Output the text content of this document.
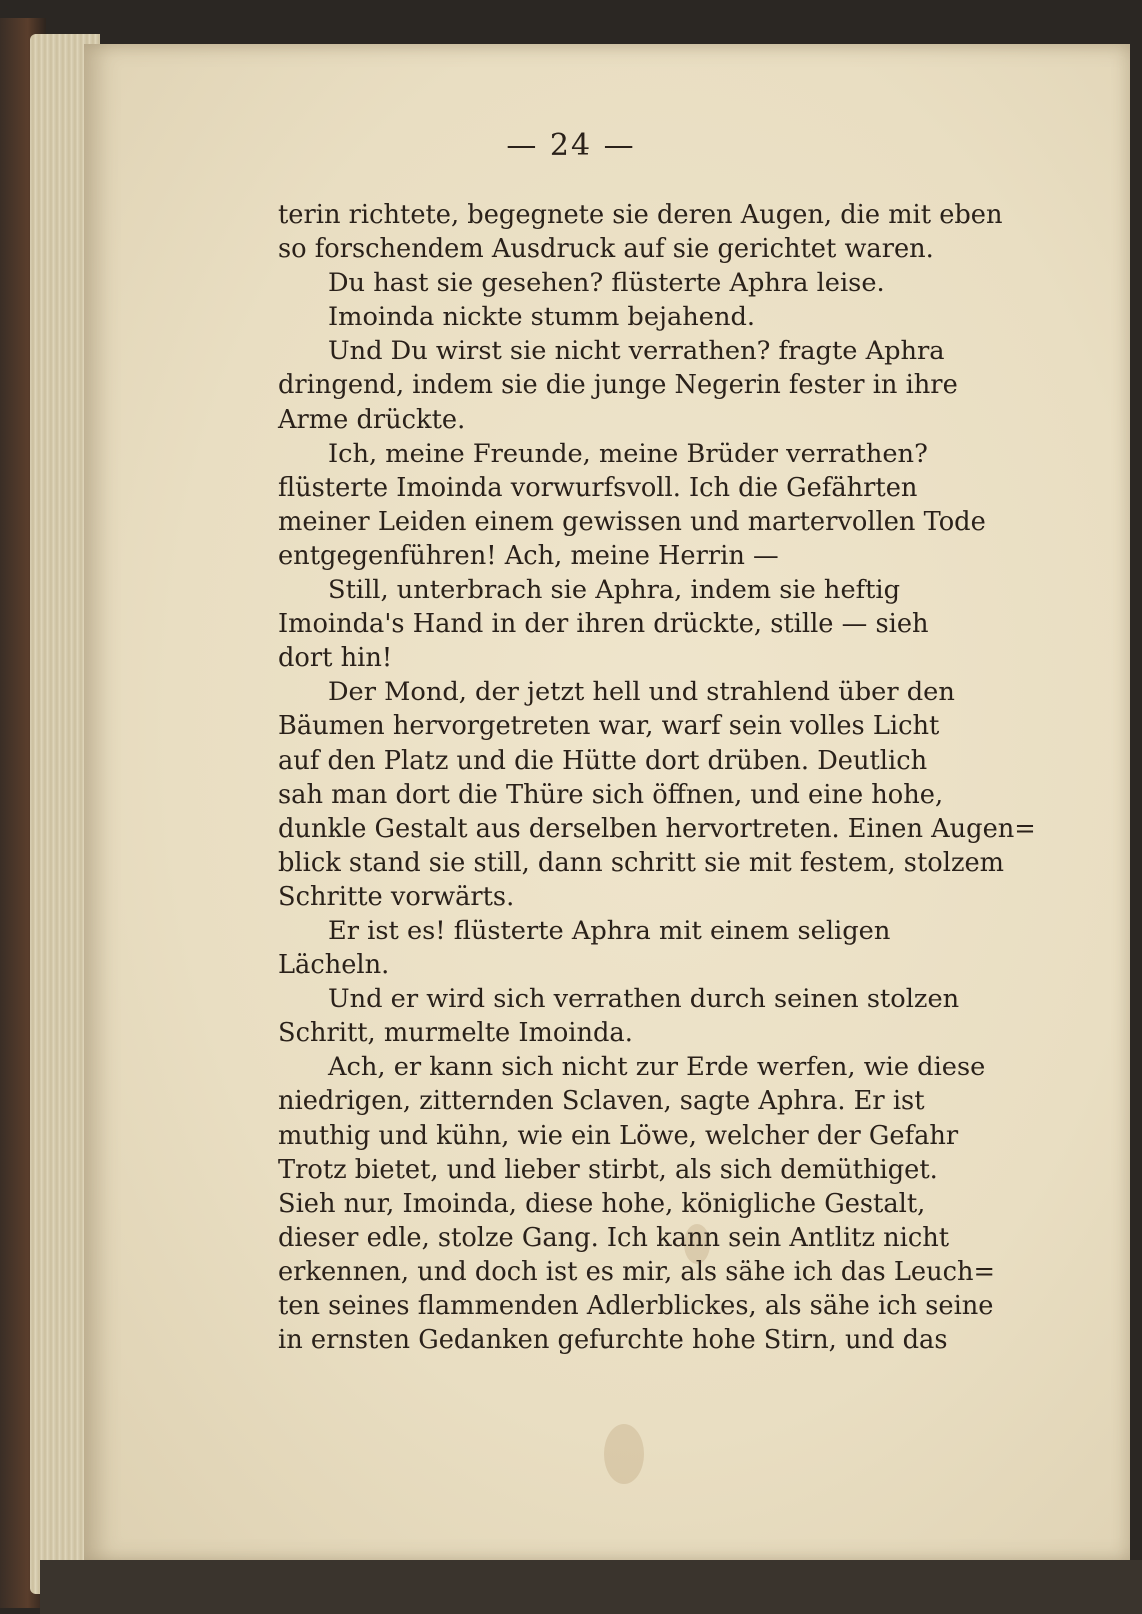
— 24 —
terin richtete, begegnete sie deren Augen, die mit eben
so forschendem Ausdruck auf sie gerichtet waren.
Du hast sie gesehen? flüsterte Aphra leise.
Imoinda nickte stumm bejahend.
Und Du wirst sie nicht verrathen? fragte Aphra
dringend, indem sie die junge Negerin fester in ihre
Arme drückte.
Ich, meine Freunde, meine Brüder verrathen?
flüsterte Imoinda vorwurfsvoll. Ich die Gefährten
meiner Leiden einem gewissen und martervollen Tode
entgegenführen! Ach, meine Herrin —
Still, unterbrach sie Aphra, indem sie heftig
Imoinda's Hand in der ihren drückte, stille — sieh
dort hin!
Der Mond, der jetzt hell und strahlend über den
Bäumen hervorgetreten war, warf sein volles Licht
auf den Platz und die Hütte dort drüben. Deutlich
sah man dort die Thüre sich öffnen, und eine hohe,
dunkle Gestalt aus derselben hervortreten. Einen Augen=
blick stand sie still, dann schritt sie mit festem, stolzem
Schritte vorwärts.
Er ist es! flüsterte Aphra mit einem seligen
Lächeln.
Und er wird sich verrathen durch seinen stolzen
Schritt, murmelte Imoinda.
Ach, er kann sich nicht zur Erde werfen, wie diese
niedrigen, zitternden Sclaven, sagte Aphra. Er ist
muthig und kühn, wie ein Löwe, welcher der Gefahr
Trotz bietet, und lieber stirbt, als sich demüthiget.
Sieh nur, Imoinda, diese hohe, königliche Gestalt,
dieser edle, stolze Gang. Ich kann sein Antlitz nicht
erkennen, und doch ist es mir, als sähe ich das Leuch=
ten seines flammenden Adlerblickes, als sähe ich seine
in ernsten Gedanken gefurchte hohe Stirn, und das
